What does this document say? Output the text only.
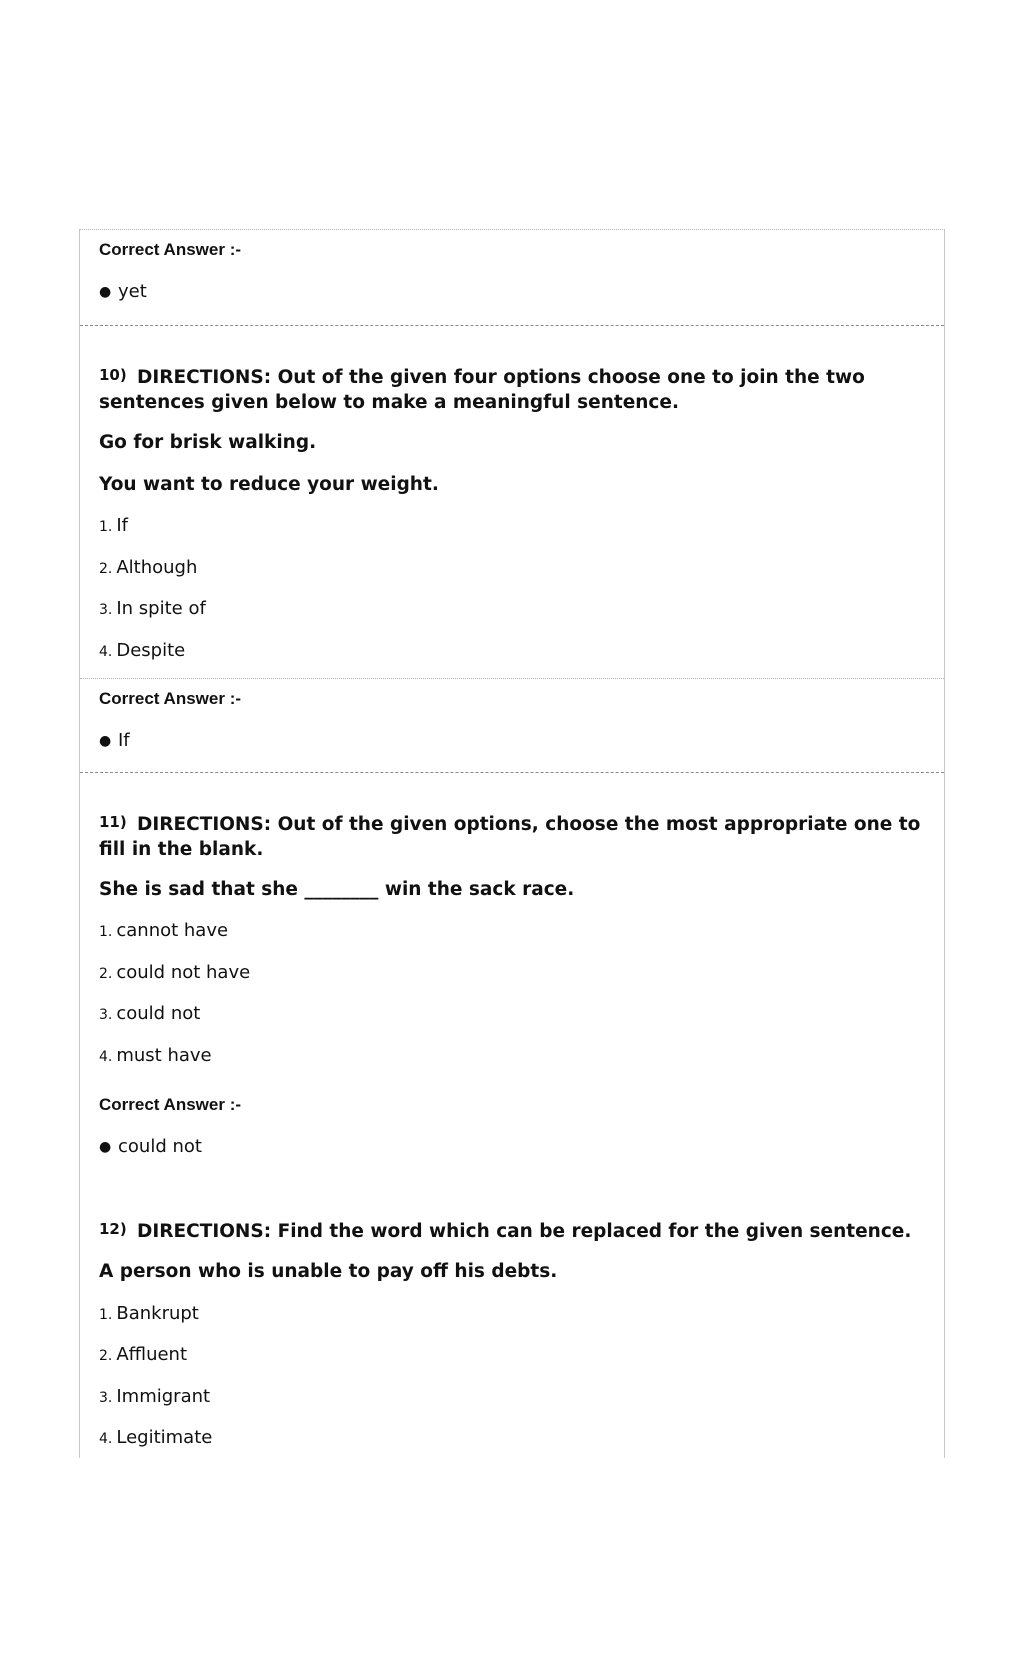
Correct Answer :-
● yet
10) DIRECTIONS: Out of the given four options choose one to join the two sentences given below to make a meaningful sentence.
Go for brisk walking.
You want to reduce your weight.
1. If
2. Although
3. In spite of
4. Despite
Correct Answer :-
● If
11) DIRECTIONS: Out of the given options, choose the most appropriate one to fill in the blank.
She is sad that she ________ win the sack race.
1. cannot have
2. could not have
3. could not
4. must have
Correct Answer :-
● could not
12) DIRECTIONS: Find the word which can be replaced for the given sentence.
A person who is unable to pay off his debts.
1. Bankrupt
2. Affluent
3. Immigrant
4. Legitimate
